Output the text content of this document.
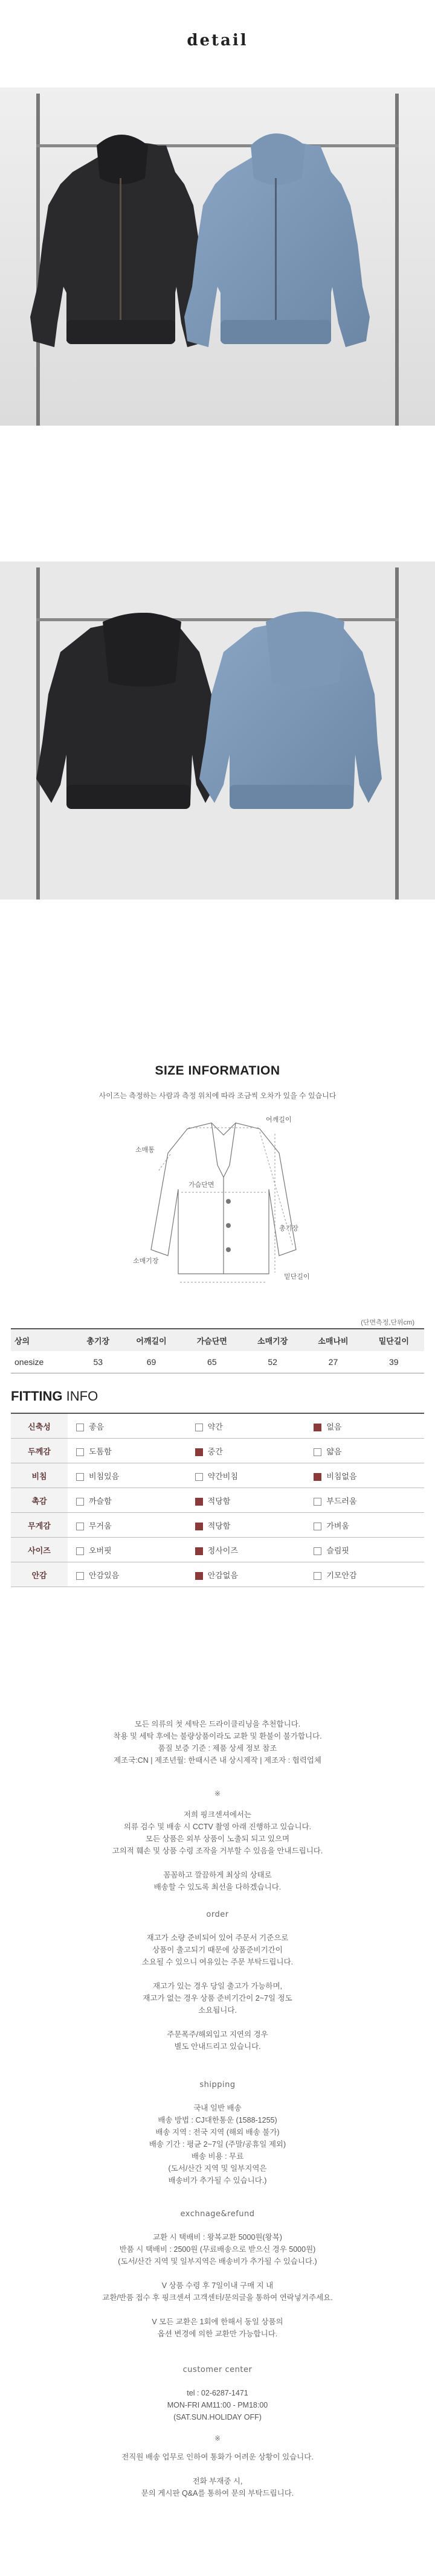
detail
SIZE INFORMATION
사이즈는 측정하는 사람과 측정 위치에 따라 조금씩 오차가 있을 수 있습니다
어깨길이
소매통
가슴단면
총기장
소매기장
밑단길이
(단면측정,단위cm)
상의	총기장	어깨길이	가슴단면	소매기장	소매나비	밑단길이
onesize	53	69	65	52	27	39
FITTING INFO
신축성	좋음	약간	없음
두께감	도톰함	중간	얇음
비침	비침있음	약간비침	비침없음
촉감	까슬함	적당함	부드러움
무게감	무거움	적당함	가벼움
사이즈	오버핏	정사이즈	슬림핏
안감	안감있음	안감없음	기모안감
모든 의류의 첫 세탁은 드라이클리닝을 추천합니다.
착용 및 세탁 후에는 불량상품이라도 교환 및 환불이 불가합니다.
품질 보증 기준 : 제품 상세 정보 참조
제조국:CN | 제조년월: 한때시즌 내 상시제작 | 제조자 : 협력업체
※
저희 핑크센셔에서는
의류 검수 및 배송 시 CCTV 촬영 아래 진행하고 있습니다.
모든 상품은 외부 상품이 노출되 되고 있으며
고의적 훼손 및 상품 수령 조작을 거부할 수 있음을 안내드립니다.

꼼꼼하고 깔끔하게 최상의 상태로
배송할 수 있도록 최선을 다하겠습니다.
order
재고가 소량 준비되어 있어 주문서 기준으로
상품이 출고되기 때문에 상품준비기간이
소요될 수 있으니 여유있는 주문 부탁드립니다.

재고가 있는 경우 당일 출고가 가능하며,
재고가 없는 경우 상품 준비기간이 2~7일 정도
소요됩니다.

주문폭주/해외입고 지연의 경우
별도 안내드리고 있습니다.
shipping
국내 일반 배송
배송 방법 : CJ대한통운 (1588-1255)
배송 지역 : 전국 지역 (해외 배송 불가)
배송 기간 : 평균 2~7일 (주말/공휴일 제외)
배송 비용 : 무료
(도서/산간 지역 및 일부지역은
배송비가 추가될 수 있습니다.)
exchnage&refund
교환 시 택배비 : 왕복교환 5000원(왕복)
반품 시 택배비 : 2500원 (무료배송으로 받으신 경우 5000원)
(도서/산간 지역 및 일부지역은 배송비가 추가될 수 있습니다.)

V 상품 수령 후 7일이내 구매 지 내
교환/반품 접수 후 핑크센셔 고객센터/문의글을 통하여 연락넣겨주세요.

V 모든 교환은 1회에 한해서 동일 상품의
옵션 변경에 의한 교환만 가능합니다.
customer center
tel : 02-6287-1471
MON-FRI AM11:00 - PM18:00
(SAT.SUN.HOLIDAY OFF)
※
전직원 배송 업무로 인하여 통화가 어려운 상황이 있습니다.

전화 부재중 시,
문의 게시판 Q&A를 통하여 문의 부탁드립니다.
